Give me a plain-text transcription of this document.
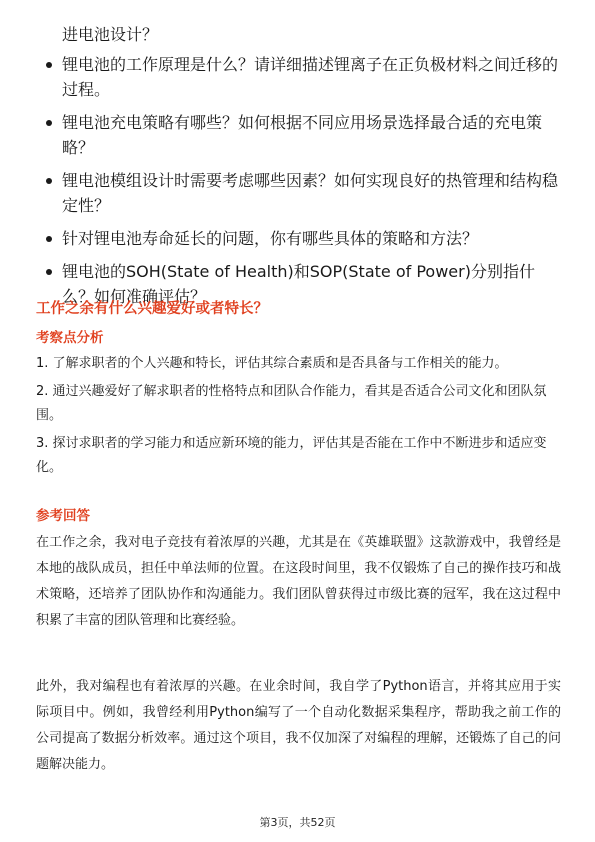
进电池设计？
锂电池的工作原理是什么？请详细描述锂离子在正负极材料之间迁移的过程。
锂电池充电策略有哪些？如何根据不同应用场景选择最合适的充电策略？
锂电池模组设计时需要考虑哪些因素？如何实现良好的热管理和结构稳定性？
针对锂电池寿命延长的问题，你有哪些具体的策略和方法？
锂电池的SOH(State of Health)和SOP(State of Power)分别指什么？如何准确评估？
工作之余有什么兴趣爱好或者特长？
考察点分析

1. 了解求职者的个人兴趣和特长，评估其综合素质和是否具备与工作相关的能力。

2. 通过兴趣爱好了解求职者的性格特点和团队合作能力，看其是否适合公司文化和团队氛围。

3. 探讨求职者的学习能力和适应新环境的能力，评估其是否能在工作中不断进步和适应变化。

参考回答

在工作之余，我对电子竞技有着浓厚的兴趣，尤其是在《英雄联盟》这款游戏中，我曾经是本地的战队成员，担任中单法师的位置。在这段时间里，我不仅锻炼了自己的操作技巧和战术策略，还培养了团队协作和沟通能力。我们团队曾获得过市级比赛的冠军，我在这过程中积累了丰富的团队管理和比赛经验。

此外，我对编程也有着浓厚的兴趣。在业余时间，我自学了Python语言，并将其应用于实际项目中。例如，我曾经利用Python编写了一个自动化数据采集程序，帮助我之前工作的公司提高了数据分析效率。通过这个项目，我不仅加深了对编程的理解，还锻炼了自己的问题解决能力。

第3页，共52页
